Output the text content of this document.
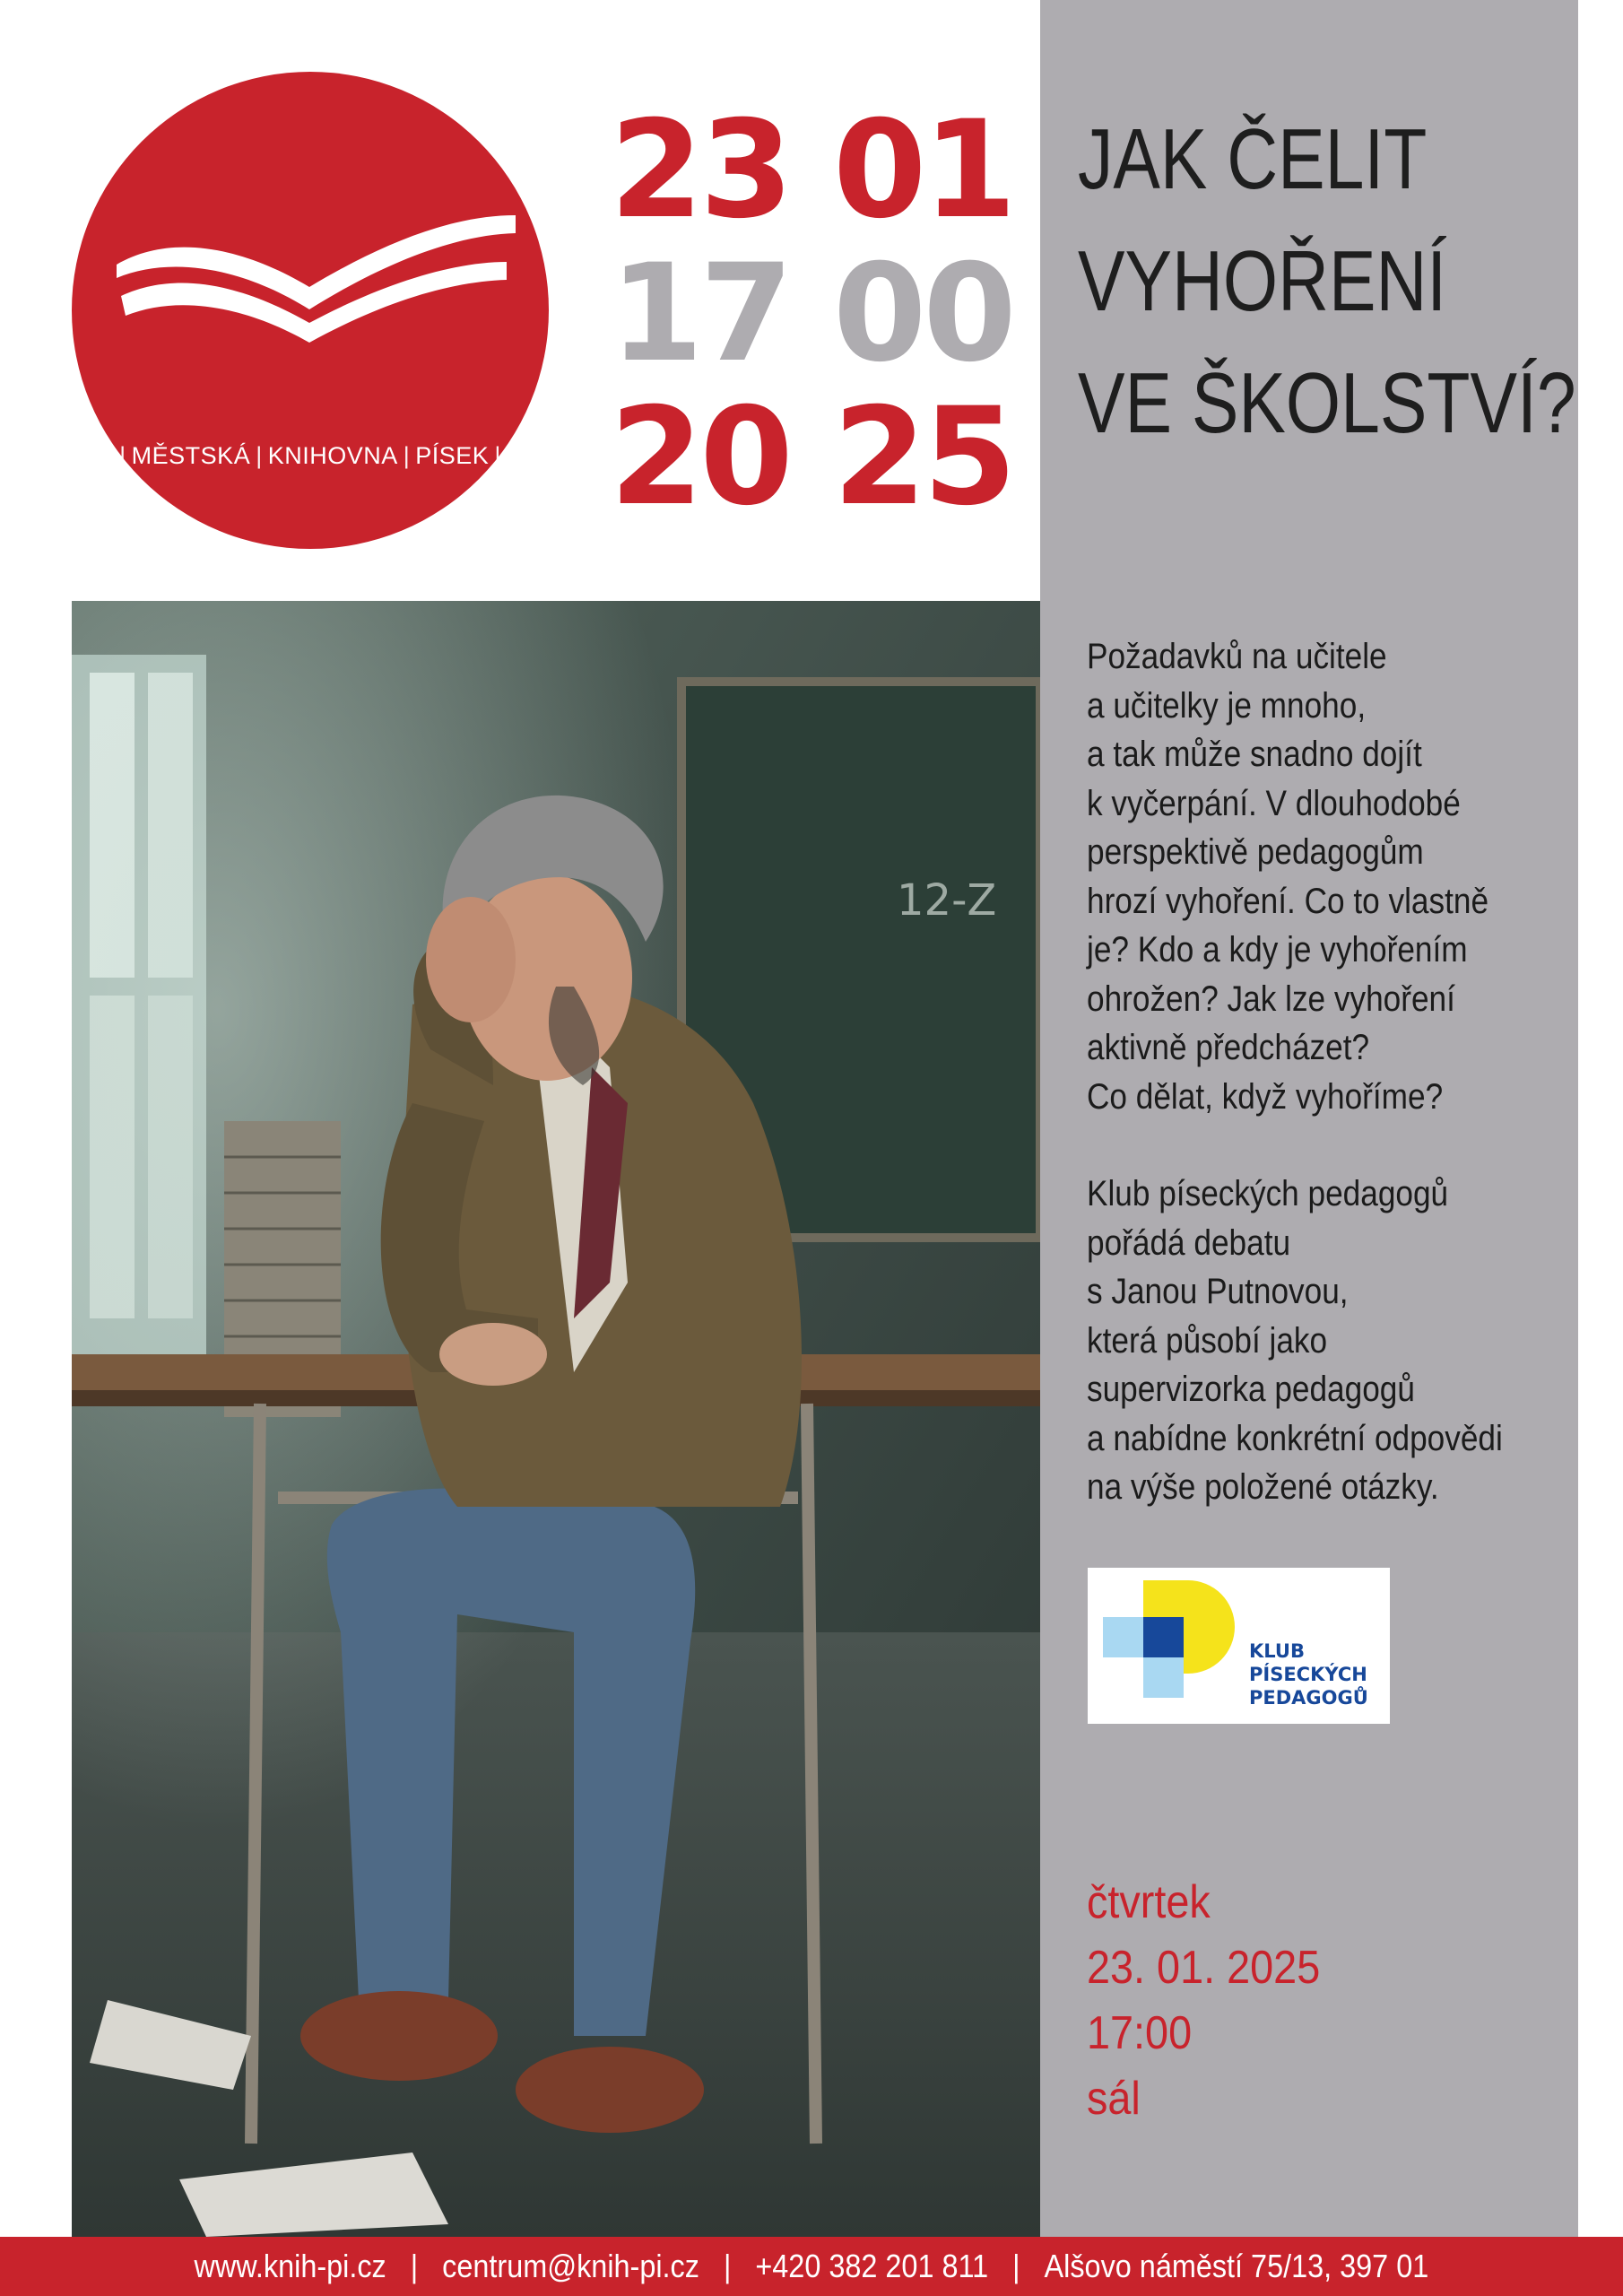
| MĚSTSKÁ | KNIHOVNA | PÍSEK |
23 01
17 00
20 25
JAK ČELIT
VYHOŘENÍ
VE ŠKOLSTVÍ?
12-Z
Požadavků na učitele
a učitelky je mnoho,
a tak může snadno dojít
k vyčerpání. V dlouhodobé
perspektivě pedagogům
hrozí vyhoření. Co to vlastně
je? Kdo a kdy je vyhořením
ohrožen? Jak lze vyhoření
aktivně předcházet?
Co dělat, když vyhoříme?
Klub píseckých pedagogů
pořádá debatu
s Janou Putnovou,
která působí jako
supervizorka pedagogů
a nabídne konkrétní odpovědi
na výše položené otázky.
KLUB
PÍSECKÝCH
PEDAGOGŮ
čtvrtek
23. 01. 2025
17:00
sál
www.knih-pi.cz | centrum@knih-pi.cz | +420 382 201 811 | Alšovo náměstí 75/13, 397 01
